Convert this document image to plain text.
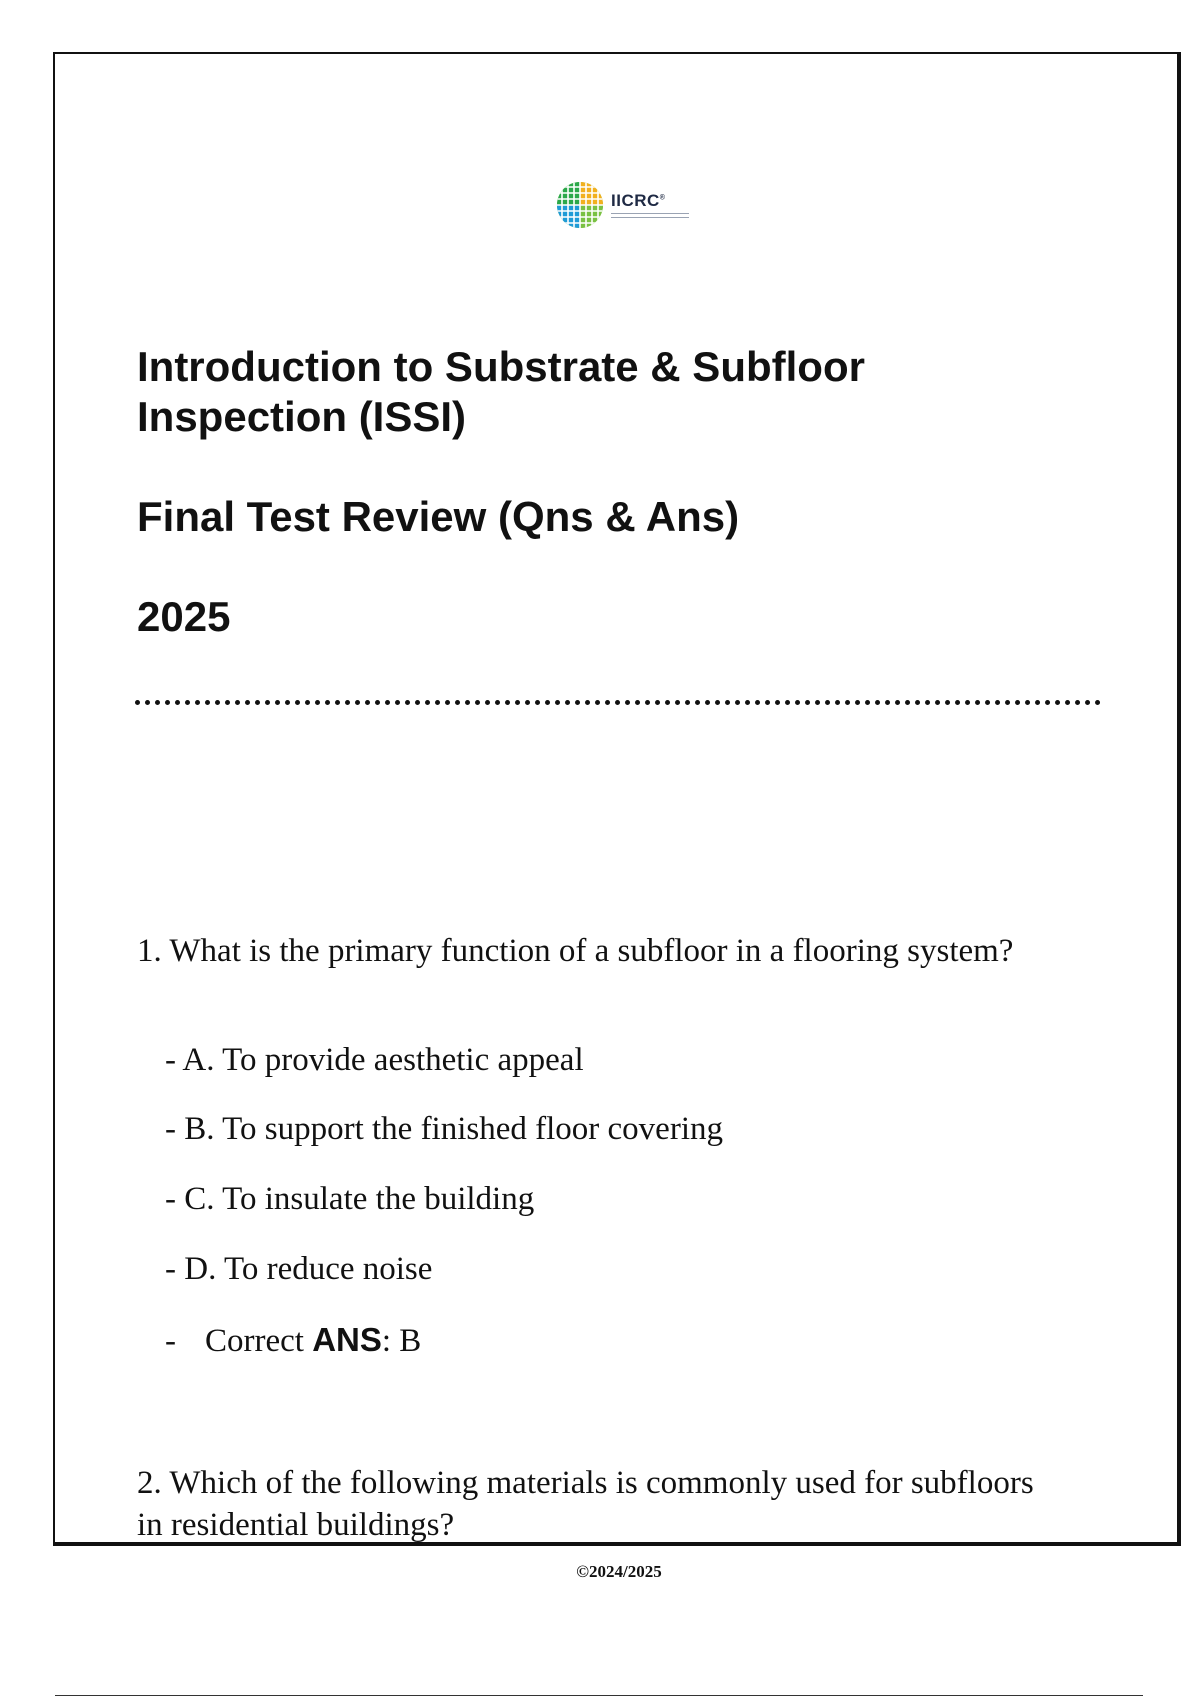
IICRC®
Introduction to Substrate & Subfloor Inspection (ISSI)
Final Test Review (Qns & Ans)
2025

1. What is the primary function of a subfloor in a flooring system?

- A. To provide aesthetic appeal
- B. To support the finished floor covering
- C. To insulate the building
- D. To reduce noise
- Correct ANS: B

2. Which of the following materials is commonly used for subfloors in residential buildings?

©2024/2025
